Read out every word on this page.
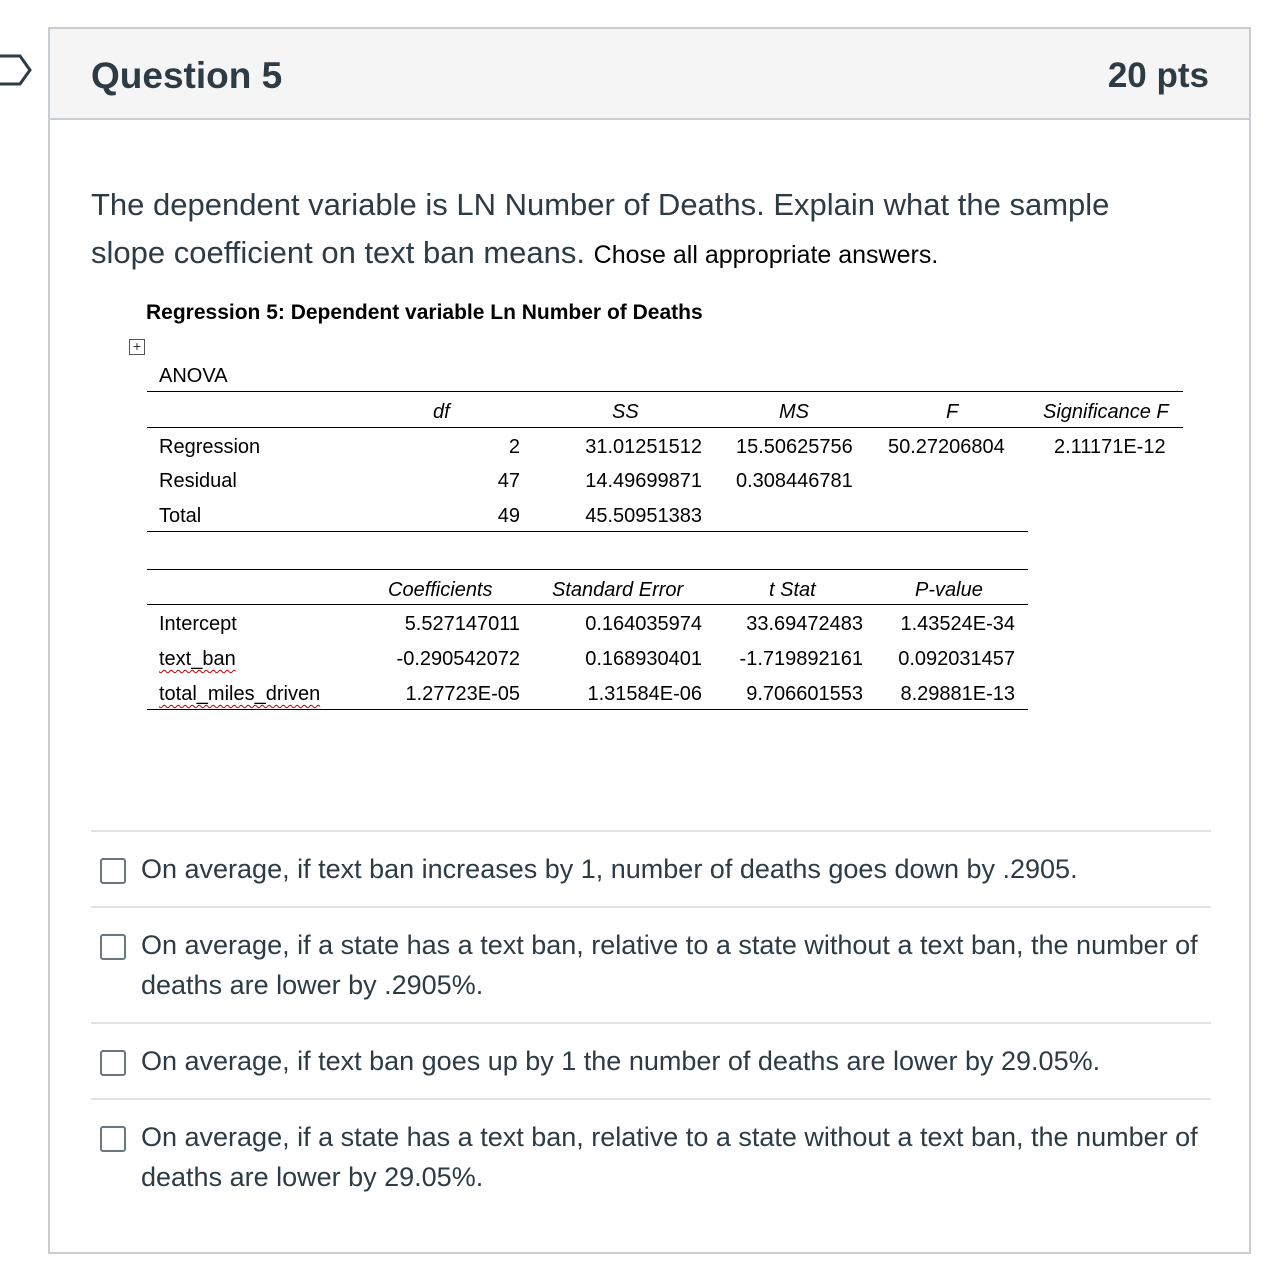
Question 5	20 pts
The dependent variable is LN Number of Deaths. Explain what the sample slope coefficient on text ban means. Chose all appropriate answers.
Regression 5: Dependent variable Ln Number of Deaths
+
ANOVA
df	SS	MS	F	Significance F
Regression	2	31.01251512 15.50625756 50.27206804 2.11171E-12
Residual	47	14.49699871 0.308446781
Total	49	45.50951383
Coefficients	Standard Error	t Stat	P-value
Intercept	5.527147011	0.164035974	33.69472483	1.43524E-34
text_ban	-0.290542072	0.168930401	-1.719892161	0.092031457
total_miles_driven	1.27723E-05	1.31584E-06	9.706601553	8.29881E-13
On average, if text ban increases by 1, number of deaths goes down by .2905.
On average, if a state has a text ban, relative to a state without a text ban, the number of deaths are lower by .2905%.
On average, if text ban goes up by 1 the number of deaths are lower by 29.05%.
On average, if a state has a text ban, relative to a state without a text ban, the number of deaths are lower by 29.05%.
